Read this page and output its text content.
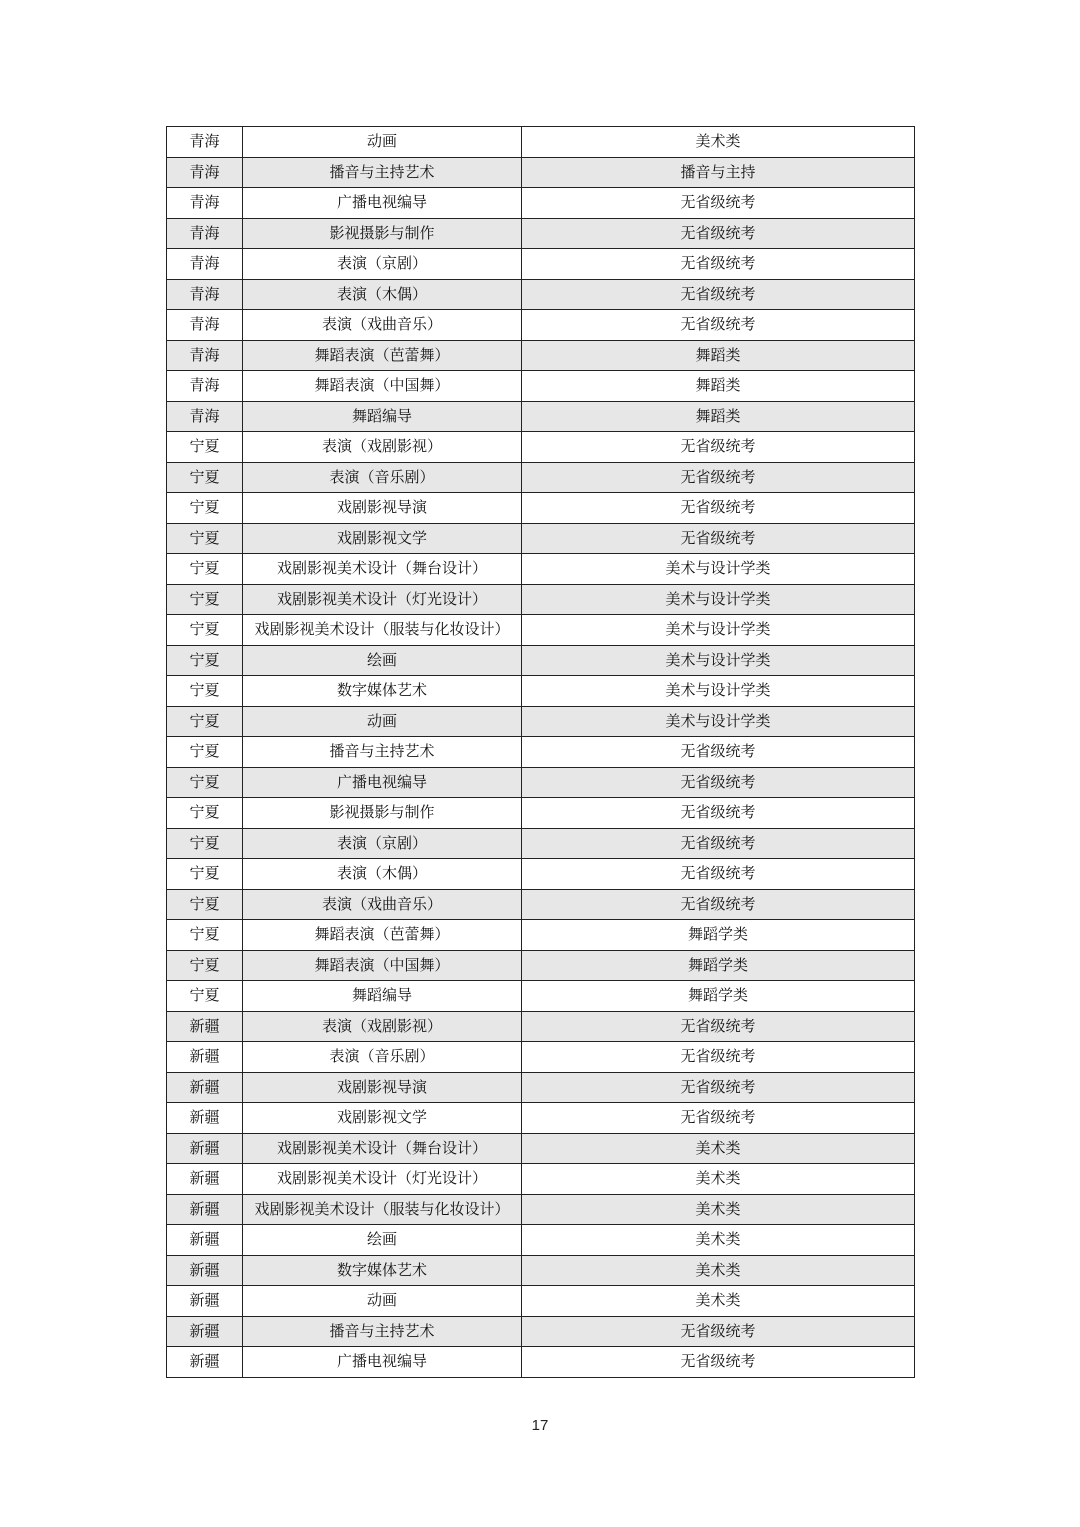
青海	动画	美术类
青海	播音与主持艺术	播音与主持
青海	广播电视编导	无省级统考
青海	影视摄影与制作	无省级统考
青海	表演（京剧）	无省级统考
青海	表演（木偶）	无省级统考
青海	表演（戏曲音乐）	无省级统考
青海	舞蹈表演（芭蕾舞）	舞蹈类
青海	舞蹈表演（中国舞）	舞蹈类
青海	舞蹈编导	舞蹈类
宁夏	表演（戏剧影视）	无省级统考
宁夏	表演（音乐剧）	无省级统考
宁夏	戏剧影视导演	无省级统考
宁夏	戏剧影视文学	无省级统考
宁夏	戏剧影视美术设计（舞台设计）	美术与设计学类
宁夏	戏剧影视美术设计（灯光设计）	美术与设计学类
宁夏	戏剧影视美术设计（服装与化妆设计）	美术与设计学类
宁夏	绘画	美术与设计学类
宁夏	数字媒体艺术	美术与设计学类
宁夏	动画	美术与设计学类
宁夏	播音与主持艺术	无省级统考
宁夏	广播电视编导	无省级统考
宁夏	影视摄影与制作	无省级统考
宁夏	表演（京剧）	无省级统考
宁夏	表演（木偶）	无省级统考
宁夏	表演（戏曲音乐）	无省级统考
宁夏	舞蹈表演（芭蕾舞）	舞蹈学类
宁夏	舞蹈表演（中国舞）	舞蹈学类
宁夏	舞蹈编导	舞蹈学类
新疆	表演（戏剧影视）	无省级统考
新疆	表演（音乐剧）	无省级统考
新疆	戏剧影视导演	无省级统考
新疆	戏剧影视文学	无省级统考
新疆	戏剧影视美术设计（舞台设计）	美术类
新疆	戏剧影视美术设计（灯光设计）	美术类
新疆	戏剧影视美术设计（服装与化妆设计）	美术类
新疆	绘画	美术类
新疆	数字媒体艺术	美术类
新疆	动画	美术类
新疆	播音与主持艺术	无省级统考
新疆	广播电视编导	无省级统考
17
